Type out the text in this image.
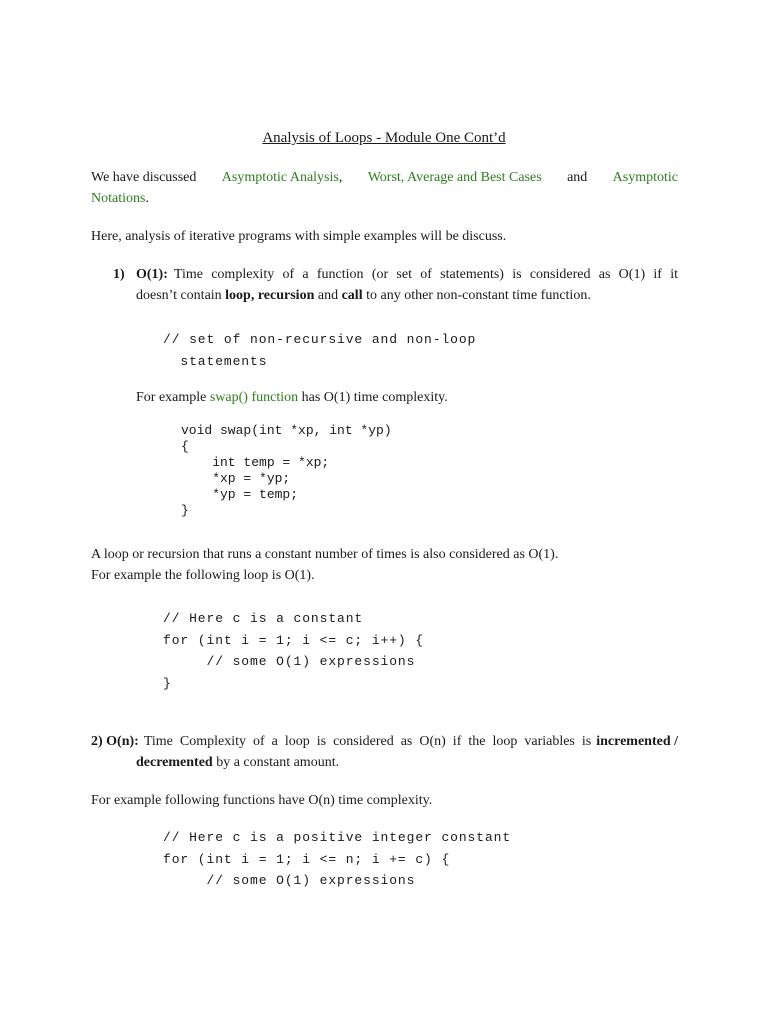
Analysis of Loops - Module One Cont’d

We have discussed Asymptotic Analysis, Worst, Average and Best Cases and Asymptotic

Notations.

Here, analysis of iterative programs with simple examples will be discuss.

1) O(1): Time complexity of a function (or set of statements) is considered as O(1) if it

doesn’t contain loop, recursion and call to any other non-constant time function.

// set of non-recursive and non-loop
statements

For example swap() function has O(1) time complexity.

void swap(int *xp, int *yp)
{
int temp = *xp;
*xp = *yp;
*yp = temp;
}

A loop or recursion that runs a constant number of times is also considered as O(1).

For example the following loop is O(1).

// Here c is a constant
for (int i = 1; i <= c; i++) {
// some O(1) expressions
}
2) O(n): Time Complexity of a loop is considered as O(n) if the loop variables is incremented /

decremented by a constant amount.

For example following functions have O(n) time complexity.

// Here c is a positive integer constant
for (int i = 1; i <= n; i += c) {
// some O(1) expressions
